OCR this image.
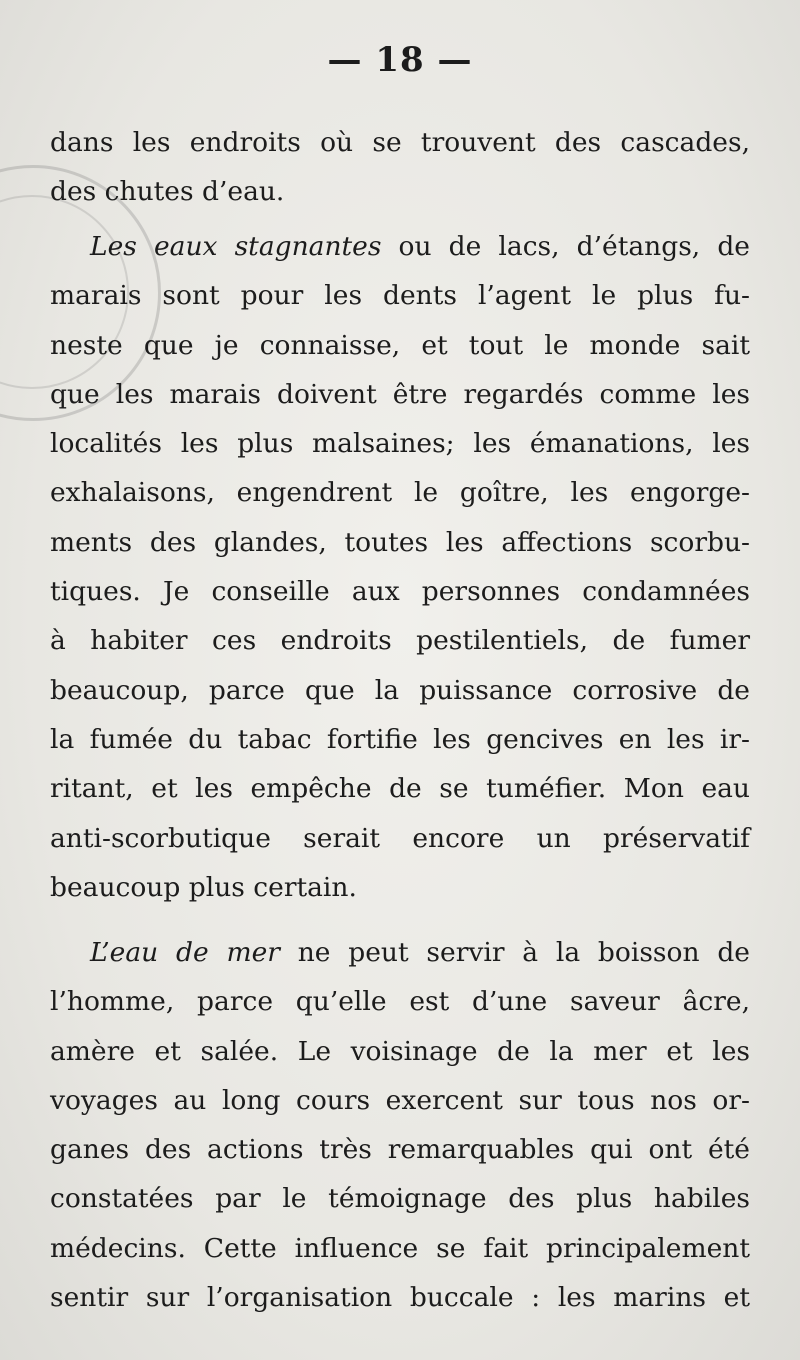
— 18 —

dans les endroits où se trouvent des cascades,
des chutes d’eau.

Les eaux stagnantes ou de lacs, d’étangs, de
marais sont pour les dents l’agent le plus fu-
neste que je connaisse, et tout le monde sait
que les marais doivent être regardés comme les
localités les plus malsaines; les émanations, les
exhalaisons, engendrent le goître, les engorge-
ments des glandes, toutes les affections scorbu-
tiques. Je conseille aux personnes condamnées
à habiter ces endroits pestilentiels, de fumer
beaucoup, parce que la puissance corrosive de
la fumée du tabac fortifie les gencives en les ir-
ritant, et les empêche de se tuméfier. Mon eau
anti-scorbutique serait encore un préservatif
beaucoup plus certain.

L’eau de mer ne peut servir à la boisson de
l’homme, parce qu’elle est d’une saveur âcre,
amère et salée. Le voisinage de la mer et les
voyages au long cours exercent sur tous nos or-
ganes des actions très remarquables qui ont été
constatées par le témoignage des plus habiles
médecins. Cette influence se fait principalement
sentir sur l’organisation buccale : les marins et
